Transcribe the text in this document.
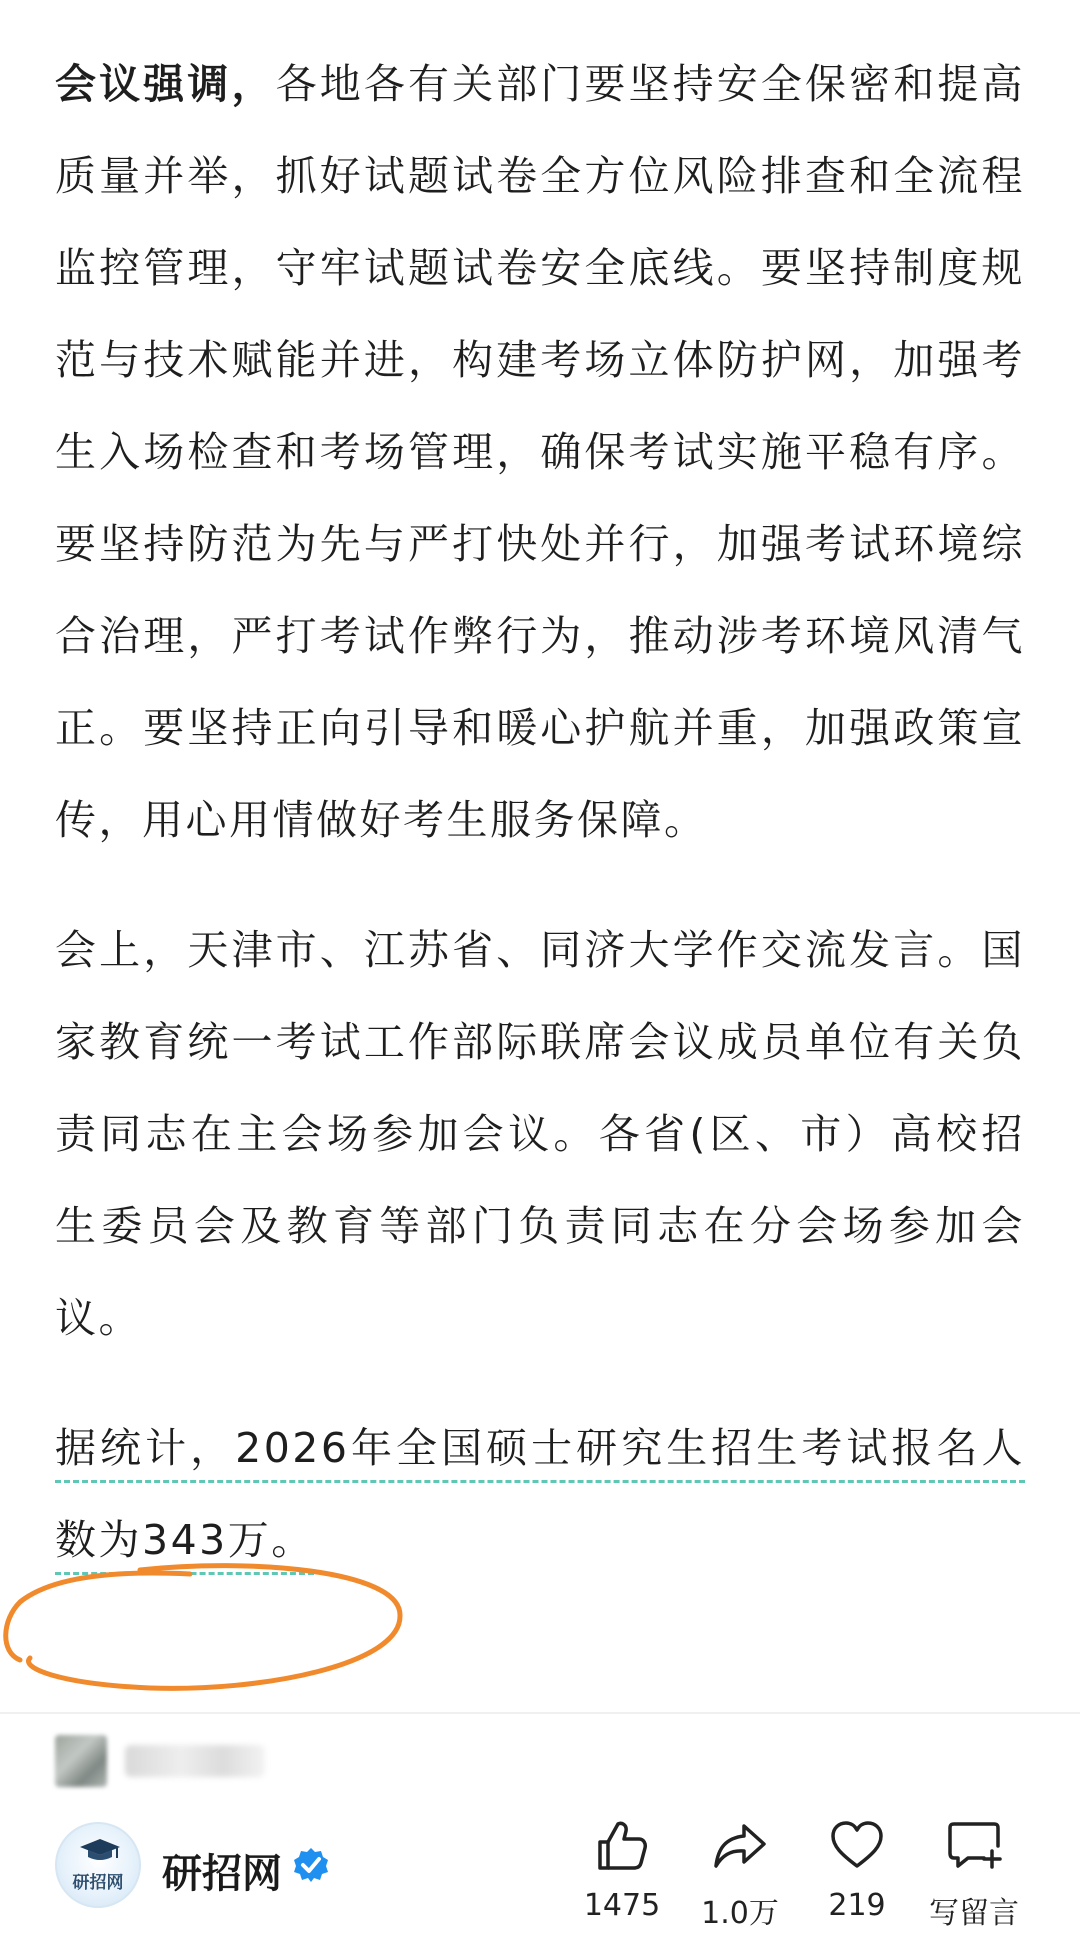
会议强调，各地各有关部门要坚持安全保密和提高质量并举，抓好试题试卷全方位风险排查和全流程监控管理，守牢试题试卷安全底线。要坚持制度规范与技术赋能并进，构建考场立体防护网，加强考生入场检查和考场管理，确保考试实施平稳有序。要坚持防范为先与严打快处并行，加强考试环境综合治理，严打考试作弊行为，推动涉考环境风清气正。要坚持正向引导和暖心护航并重，加强政策宣传，用心用情做好考生服务保障。

会上，天津市、江苏省、同济大学作交流发言。国家教育统一考试工作部际联席会议成员单位有关负责同志在主会场参加会议。各省(区、市）高校招生委员会及教育等部门负责同志在分会场参加会议。

据统计，2026年全国硕士研究生招生考试报名人数为343万。

研招网 研招网
1475	1.0万	219	写留言
